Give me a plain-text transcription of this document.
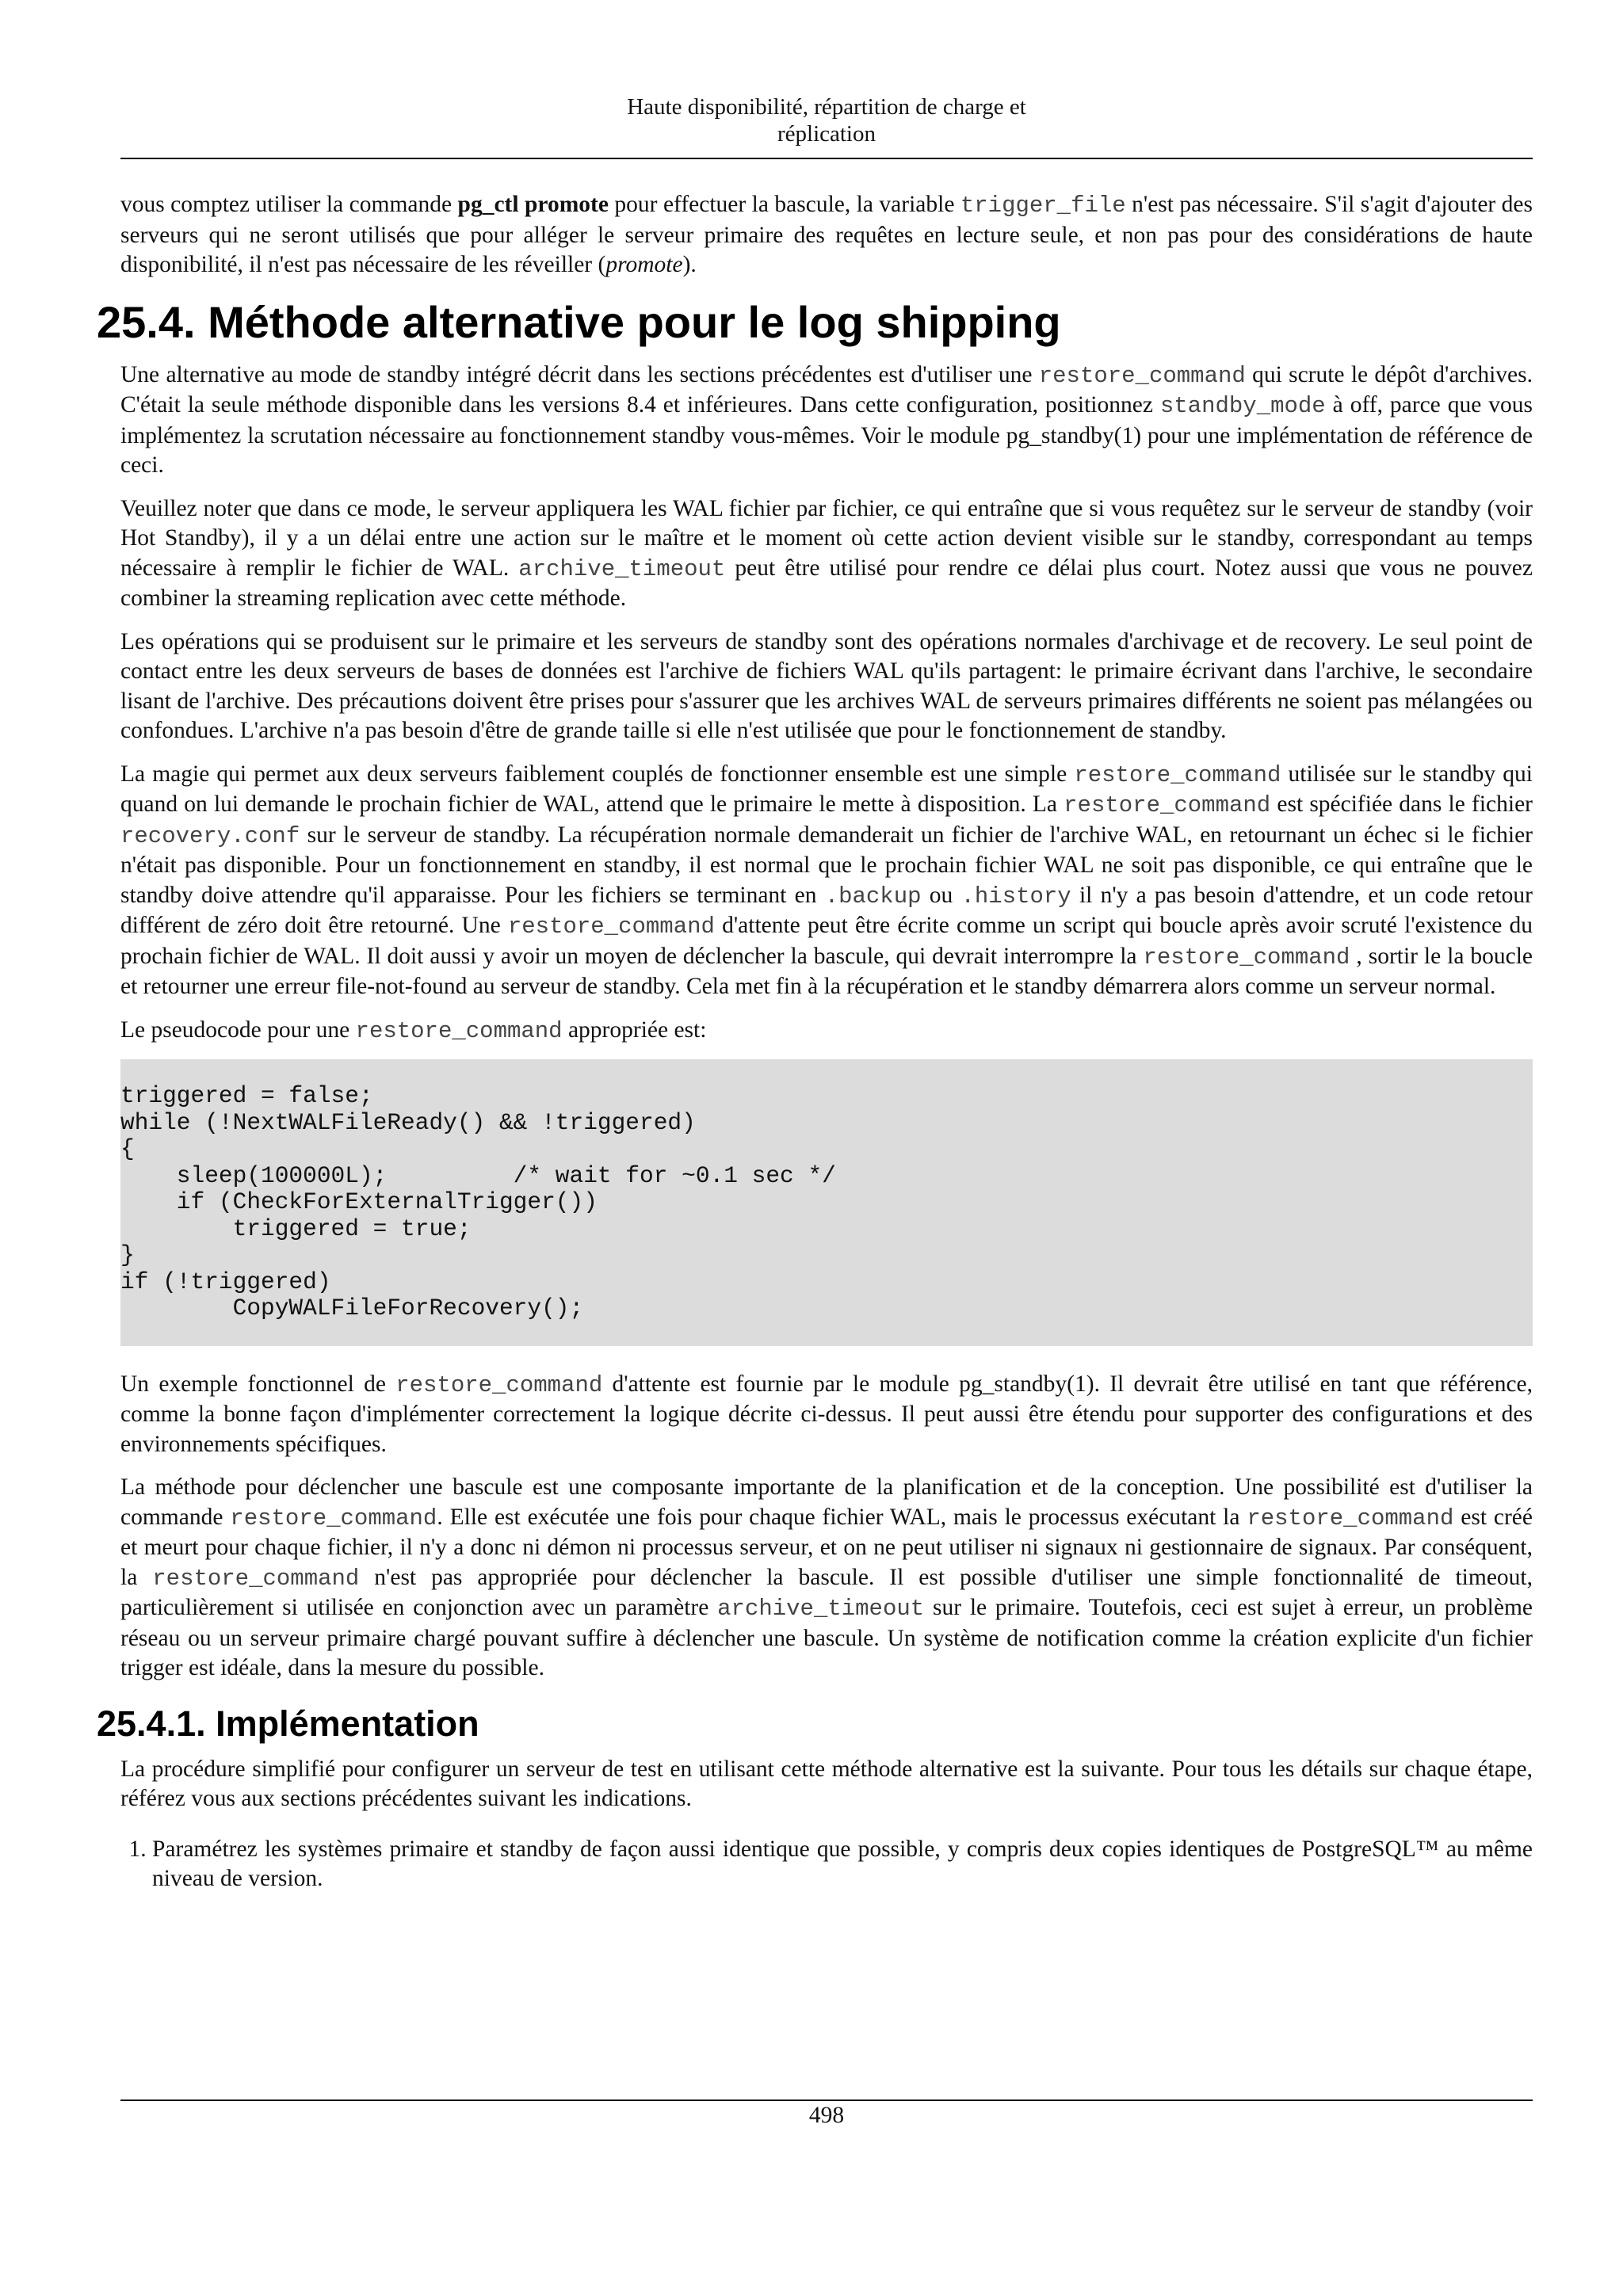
Haute disponibilité, répartition de charge et
réplication

vous comptez utiliser la commande pg_ctl promote pour effectuer la bascule, la variable trigger_file n'est pas nécessaire. S'il s'agit d'ajouter des serveurs qui ne seront utilisés que pour alléger le serveur primaire des requêtes en lecture seule, et non pas pour des considérations de haute disponibilité, il n'est pas nécessaire de les réveiller (promote).

25.4. Méthode alternative pour le log shipping

Une alternative au mode de standby intégré décrit dans les sections précédentes est d'utiliser une restore_command qui scrute le dépôt d'archives. C'était la seule méthode disponible dans les versions 8.4 et inférieures. Dans cette configuration, positionnez standby_mode à off, parce que vous implémentez la scrutation nécessaire au fonctionnement standby vous-mêmes. Voir le module pg_standby(1) pour une implémentation de référence de ceci.

Veuillez noter que dans ce mode, le serveur appliquera les WAL fichier par fichier, ce qui entraîne que si vous requêtez sur le serveur de standby (voir Hot Standby), il y a un délai entre une action sur le maître et le moment où cette action devient visible sur le standby, correspondant au temps nécessaire à remplir le fichier de WAL. archive_timeout peut être utilisé pour rendre ce délai plus court. Notez aussi que vous ne pouvez combiner la streaming replication avec cette méthode.

Les opérations qui se produisent sur le primaire et les serveurs de standby sont des opérations normales d'archivage et de recovery. Le seul point de contact entre les deux serveurs de bases de données est l'archive de fichiers WAL qu'ils partagent: le primaire écrivant dans l'archive, le secondaire lisant de l'archive. Des précautions doivent être prises pour s'assurer que les archives WAL de serveurs primaires différents ne soient pas mélangées ou confondues. L'archive n'a pas besoin d'être de grande taille si elle n'est utilisée que pour le fonctionnement de standby.

La magie qui permet aux deux serveurs faiblement couplés de fonctionner ensemble est une simple restore_command utilisée sur le standby qui quand on lui demande le prochain fichier de WAL, attend que le primaire le mette à disposition. La restore_command est spécifiée dans le fichier recovery.conf sur le serveur de standby. La récupération normale demanderait un fichier de l'archive WAL, en retournant un échec si le fichier n'était pas disponible. Pour un fonctionnement en standby, il est normal que le prochain fichier WAL ne soit pas disponible, ce qui entraîne que le standby doive attendre qu'il apparaisse. Pour les fichiers se terminant en .backup ou .history il n'y a pas besoin d'attendre, et un code retour différent de zéro doit être retourné. Une restore_command d'attente peut être écrite comme un script qui boucle après avoir scruté l'existence du prochain fichier de WAL. Il doit aussi y avoir un moyen de déclencher la bascule, qui devrait interrompre la restore_command , sortir le la boucle et retourner une erreur file-not-found au serveur de standby. Cela met fin à la récupération et le standby démarrera alors comme un serveur normal.

Le pseudocode pour une restore_command appropriée est:

triggered = false;
while (!NextWALFileReady() && !triggered)
{
sleep(100000L);         /* wait for ~0.1 sec */
if (CheckForExternalTrigger())
triggered = true;
}
if (!triggered)
CopyWALFileForRecovery();

Un exemple fonctionnel de restore_command d'attente est fournie par le module pg_standby(1). Il devrait être utilisé en tant que référence, comme la bonne façon d'implémenter correctement la logique décrite ci-dessus. Il peut aussi être étendu pour supporter des configurations et des environnements spécifiques.

La méthode pour déclencher une bascule est une composante importante de la planification et de la conception. Une possibilité est d'utiliser la commande restore_command. Elle est exécutée une fois pour chaque fichier WAL, mais le processus exécutant la restore_command est créé et meurt pour chaque fichier, il n'y a donc ni démon ni processus serveur, et on ne peut utiliser ni signaux ni gestionnaire de signaux. Par conséquent, la restore_command n'est pas appropriée pour déclencher la bascule. Il est possible d'utiliser une simple fonctionnalité de timeout, particulièrement si utilisée en conjonction avec un paramètre archive_timeout sur le primaire. Toutefois, ceci est sujet à erreur, un problème réseau ou un serveur primaire chargé pouvant suffire à déclencher une bascule. Un système de notification comme la création explicite d'un fichier trigger est idéale, dans la mesure du possible.

25.4.1. Implémentation

La procédure simplifié pour configurer un serveur de test en utilisant cette méthode alternative est la suivante. Pour tous les détails sur chaque étape, référez vous aux sections précédentes suivant les indications.

1. Paramétrez les systèmes primaire et standby de façon aussi identique que possible, y compris deux copies identiques de PostgreSQL™ au même niveau de version.
498
